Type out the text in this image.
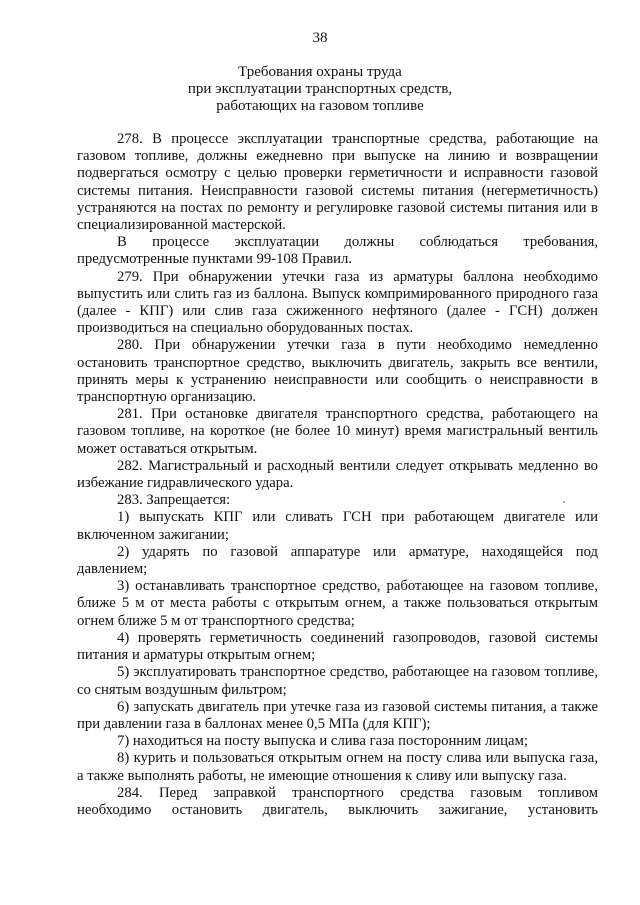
38
Требования охраны труда
при эксплуатации транспортных средств,
работающих на газовом топливе

278. В процессе эксплуатации транспортные средства, работающие на газовом топливе, должны ежедневно при выпуске на линию и возвращении подвергаться осмотру с целью проверки герметичности и исправности газовой системы питания. Неисправности газовой системы питания (негерметичность) устраняются на постах по ремонту и регулировке газовой системы питания или в специализированной мастерской.

В процессе эксплуатации должны соблюдаться требования, предусмотренные пунктами 99-108 Правил.

279. При обнаружении утечки газа из арматуры баллона необходимо выпустить или слить газ из баллона. Выпуск компримированного природного газа (далее - КПГ) или слив газа сжиженного нефтяного (далее - ГСН) должен производиться на специально оборудованных постах.

280. При обнаружении утечки газа в пути необходимо немедленно остановить транспортное средство, выключить двигатель, закрыть все вентили, принять меры к устранению неисправности или сообщить о неисправности в транспортную организацию.

281. При остановке двигателя транспортного средства, работающего на газовом топливе, на короткое (не более 10 минут) время магистральный вентиль может оставаться открытым.

282. Магистральный и расходный вентили следует открывать медленно во избежание гидравлического удара.

283. Запрещается:

1) выпускать КПГ или сливать ГСН при работающем двигателе или включенном зажигании;

2) ударять по газовой аппаратуре или арматуре, находящейся под давлением;

3) останавливать транспортное средство, работающее на газовом топливе, ближе 5 м от места работы с открытым огнем, а также пользоваться открытым огнем ближе 5 м от транспортного средства;

4) проверять герметичность соединений газопроводов, газовой системы питания и арматуры открытым огнем;

5) эксплуатировать транспортное средство, работающее на газовом топливе, со снятым воздушным фильтром;

6) запускать двигатель при утечке газа из газовой системы питания, а также при давлении газа в баллонах менее 0,5 МПа (для КПГ);

7) находиться на посту выпуска и слива газа посторонним лицам;

8) курить и пользоваться открытым огнем на посту слива или выпуска газа, а также выполнять работы, не имеющие отношения к сливу или выпуску газа.

284. Перед заправкой транспортного средства газовым топливом необходимо остановить двигатель, выключить зажигание, установить
